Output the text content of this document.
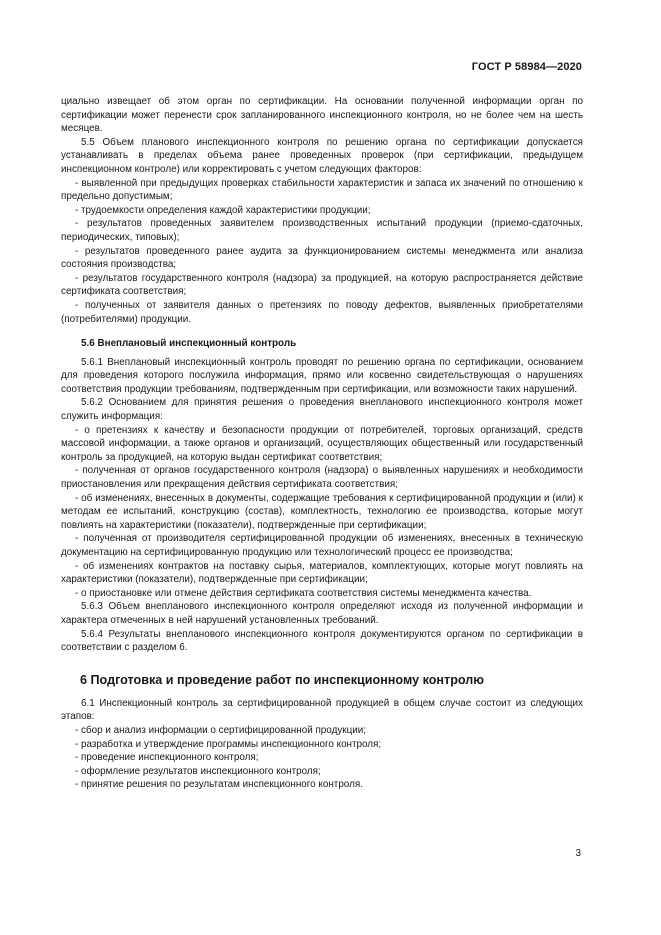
ГОСТ Р 58984—2020

циально извещает об этом орган по сертификации. На основании полученной информации орган по сертификации может перенести срок запланированного инспекционного контроля, но не более чем на шесть месяцев.

5.5 Объем планового инспекционного контроля по решению органа по сертификации допускается устанавливать в пределах объема ранее проведенных проверок (при сертификации, предыдущем инспекционном контроле) или корректировать с учетом следующих факторов:

- выявленной при предыдущих проверках стабильности характеристик и запаса их значений по отношению к предельно допустимым;

- трудоемкости определения каждой характеристики продукции;

- результатов проведенных заявителем производственных испытаний продукции (приемо-сдаточных, периодических, типовых);

- результатов проведенного ранее аудита за функционированием системы менеджмента или анализа состояния производства;

- результатов государственного контроля (надзора) за продукцией, на которую распространяется действие сертификата соответствия;

- полученных от заявителя данных о претензиях по поводу дефектов, выявленных приобретателями (потребителями) продукции.

5.6 Внеплановый инспекционный контроль

5.6.1 Внеплановый инспекционный контроль проводят по решению органа по сертификации, основанием для проведения которого послужила информация, прямо или косвенно свидетельствующая о нарушениях соответствия продукции требованиям, подтвержденным при сертификации, или возможности таких нарушений.

5.6.2 Основанием для принятия решения о проведения внепланового инспекционного контроля может служить информация:

- о претензиях к качеству и безопасности продукции от потребителей, торговых организаций, средств массовой информации, а также органов и организаций, осуществляющих общественный или государственный контроль за продукцией, на которую выдан сертификат соответствия;

- полученная от органов государственного контроля (надзора) о выявленных нарушениях и необходимости приостановления или прекращения действия сертификата соответствия;

- об изменениях, внесенных в документы, содержащие требования к сертифицированной продукции и (или) к методам ее испытаний, конструкцию (состав), комплектность, технологию ее производства, которые могут повлиять на характеристики (показатели), подтвержденные при сертификации;

- полученная от производителя сертифицированной продукции об изменениях, внесенных в техническую документацию на сертифицированную продукцию или технологический процесс ее производства;

- об изменениях контрактов на поставку сырья, материалов, комплектующих, которые могут повлиять на характеристики (показатели), подтвержденные при сертификации;

- о приостановке или отмене действия сертификата соответствия системы менеджмента качества.

5.6.3 Объем внепланового инспекционного контроля определяют исходя из полученной информации и характера отмеченных в ней нарушений установленных требований.

5.6.4 Результаты внепланового инспекционного контроля документируются органом по сертификации в соответствии с разделом 6.

6 Подготовка и проведение работ по инспекционному контролю

6.1 Инспекционный контроль за сертифицированной продукцией в общем случае состоит из следующих этапов:

- сбор и анализ информации о сертифицированной продукции;

- разработка и утверждение программы инспекционного контроля;

- проведение инспекционного контроля;

- оформление результатов инспекционного контроля;

- принятие решения по результатам инспекционного контроля.

3
